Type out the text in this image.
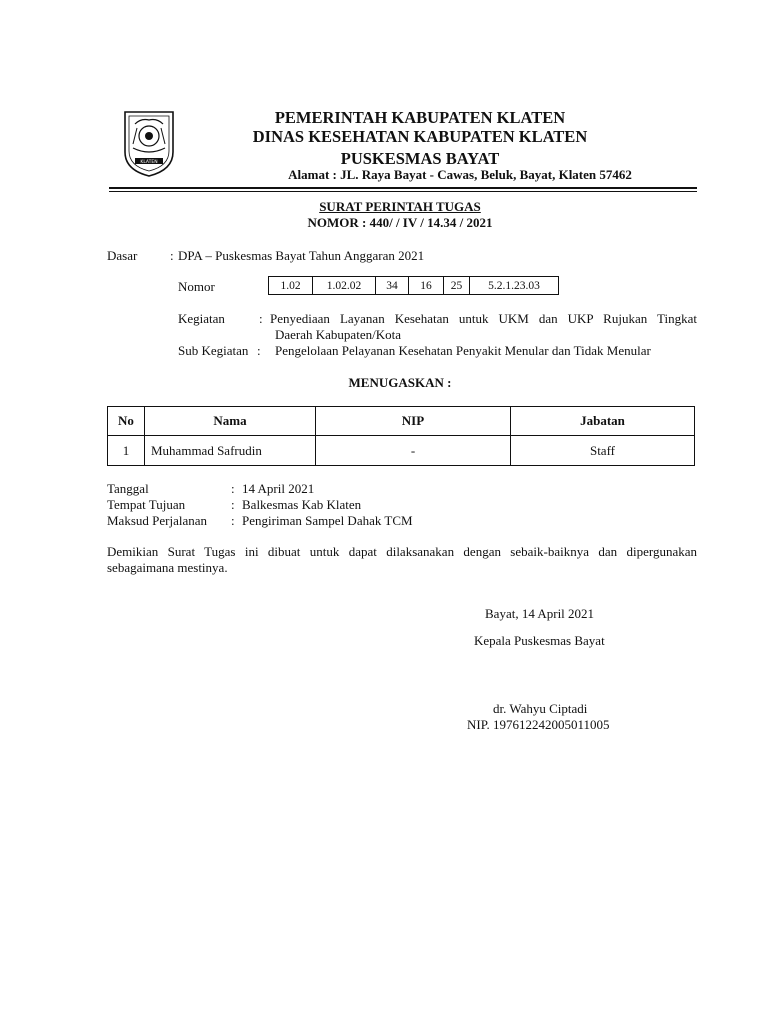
KLATEN
PEMERINTAH KABUPATEN KLATEN
DINAS KESEHATAN KABUPATEN KLATEN
PUSKESMAS BAYAT
Alamat : JL. Raya Bayat - Cawas, Beluk, Bayat, Klaten 57462
SURAT PERINTAH TUGAS
NOMOR : 440/ / IV / 14.34 / 2021
Dasar	: DPA – Puskesmas Bayat Tahun Anggaran 2021
Nomor	1.02	1.02.02	34	16	25	5.2.1.23.03
Kegiatan	: Penyediaan Layanan Kesehatan untuk UKM dan UKP Rujukan Tingkat
Daerah Kabupaten/Kota
Sub Kegiatan : Pengelolaan Pelayanan Kesehatan Penyakit Menular dan Tidak Menular
MENUGASKAN :
No	Nama	NIP	Jabatan
1	Muhammad Safrudin	-	Staff
Tanggal	: 14 April 2021
Tempat Tujuan	: Balkesmas Kab Klaten
Maksud Perjalanan : Pengiriman Sampel Dahak TCM
Demikian Surat Tugas ini dibuat untuk dapat dilaksanakan dengan sebaik-baiknya dan dipergunakan
sebagaimana mestinya.
Bayat, 14 April 2021
Kepala Puskesmas Bayat
dr. Wahyu Ciptadi
NIP. 197612242005011005
